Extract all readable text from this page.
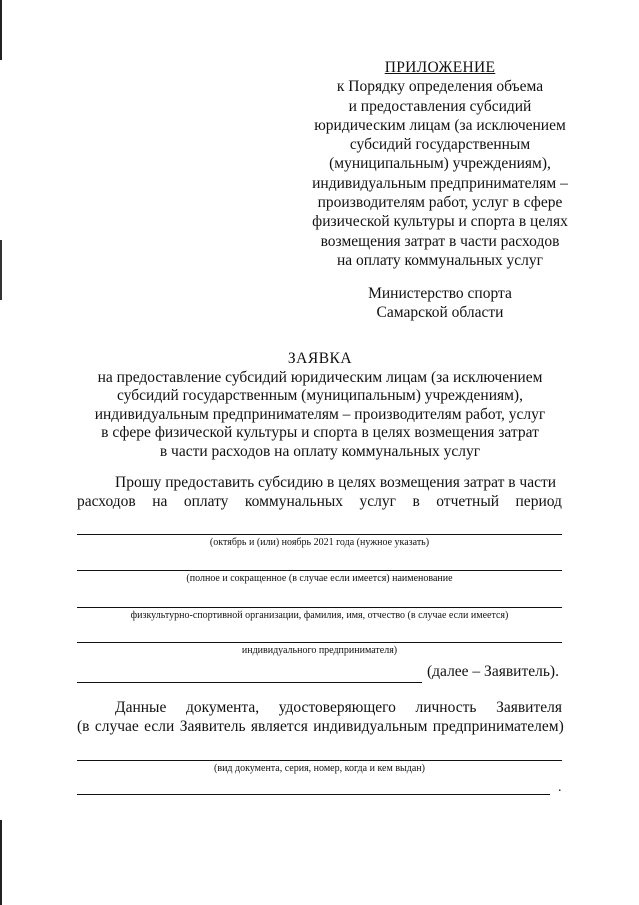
ПРИЛОЖЕНИЕ
к Порядку определения объема
и предоставления субсидий
юридическим лицам (за исключением
субсидий государственным
(муниципальным) учреждениям),
индивидуальным предпринимателям –
производителям работ, услуг в сфере
физической культуры и спорта в целях
возмещения затрат в части расходов
на оплату коммунальных услуг
Министерство спорта
Самарской области
ЗАЯВКА
на предоставление субсидий юридическим лицам (за исключением
субсидий государственным (муниципальным) учреждениям),
индивидуальным предпринимателям – производителям работ, услуг
в сфере физической культуры и спорта в целях возмещения затрат
в части расходов на оплату коммунальных услуг
Прошу предоставить субсидию в целях возмещения затрат в части
расходов на оплату коммунальных услуг в отчетный период
(октябрь и (или) ноябрь 2021 года (нужное указать)
(полное и сокращенное (в случае если имеется) наименование
физкультурно-спортивной организации, фамилия, имя, отчество (в случае если имеется)
индивидуального предпринимателя)
(далее – Заявитель).
Данные документа, удостоверяющего личность Заявителя
(в случае если Заявитель является индивидуальным предпринимателем)
(вид документа, серия, номер, когда и кем выдан)
.
